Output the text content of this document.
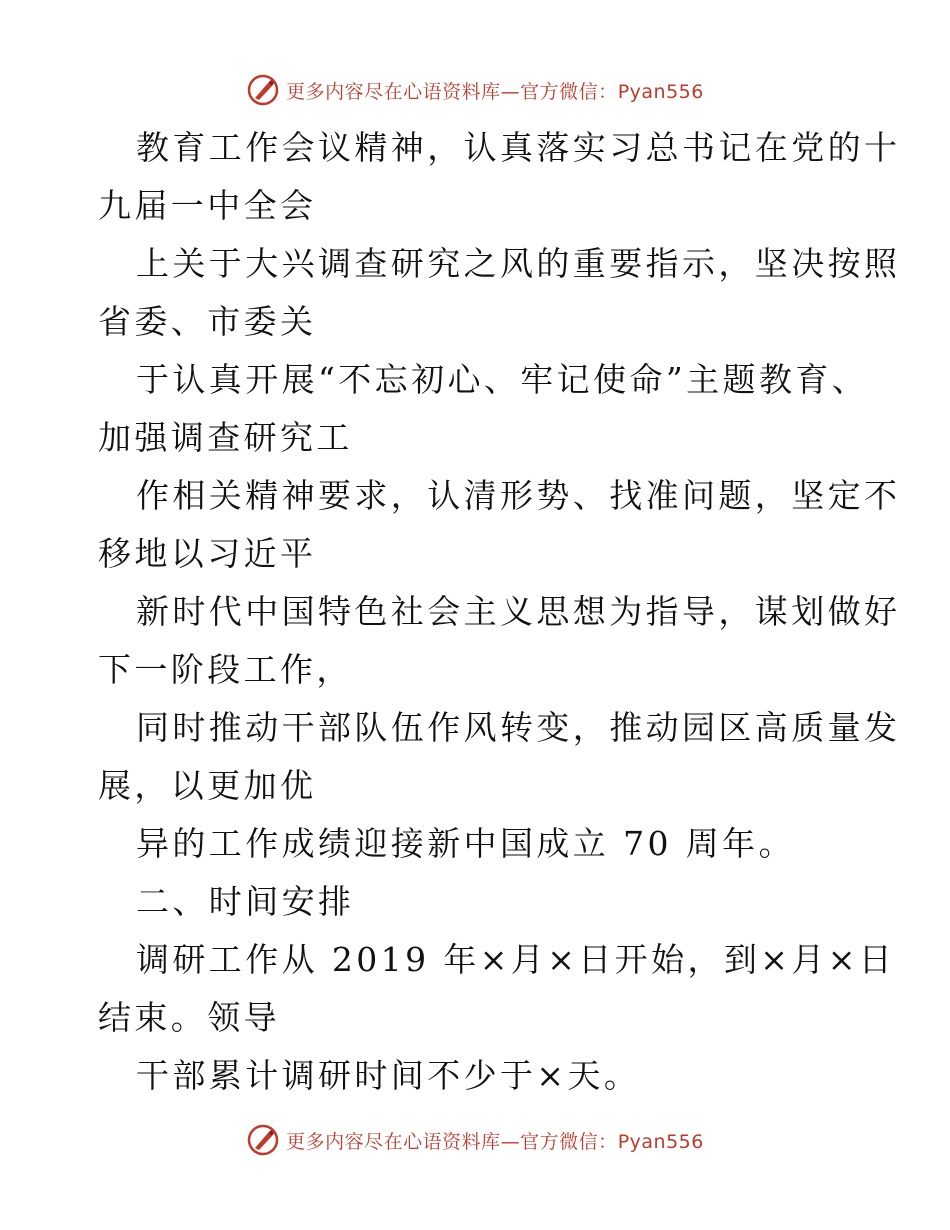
更多内容尽在心语资料库—官方微信：Pyan556
教育工作会议精神，认真落实习总书记在党的十
九届一中全会
上关于大兴调查研究之风的重要指示，坚决按照
省委、市委关
于认真开展“不忘初心、牢记使命”主题教育、
加强调查研究工
作相关精神要求，认清形势、找准问题，坚定不
移地以习近平
新时代中国特色社会主义思想为指导，谋划做好
下一阶段工作，
同时推动干部队伍作风转变，推动园区高质量发
展，以更加优
异的工作成绩迎接新中国成立 70 周年。
二、时间安排
调研工作从 2019 年×月×日开始，到×月×日
结束。领导
干部累计调研时间不少于×天。
更多内容尽在心语资料库—官方微信：Pyan556
